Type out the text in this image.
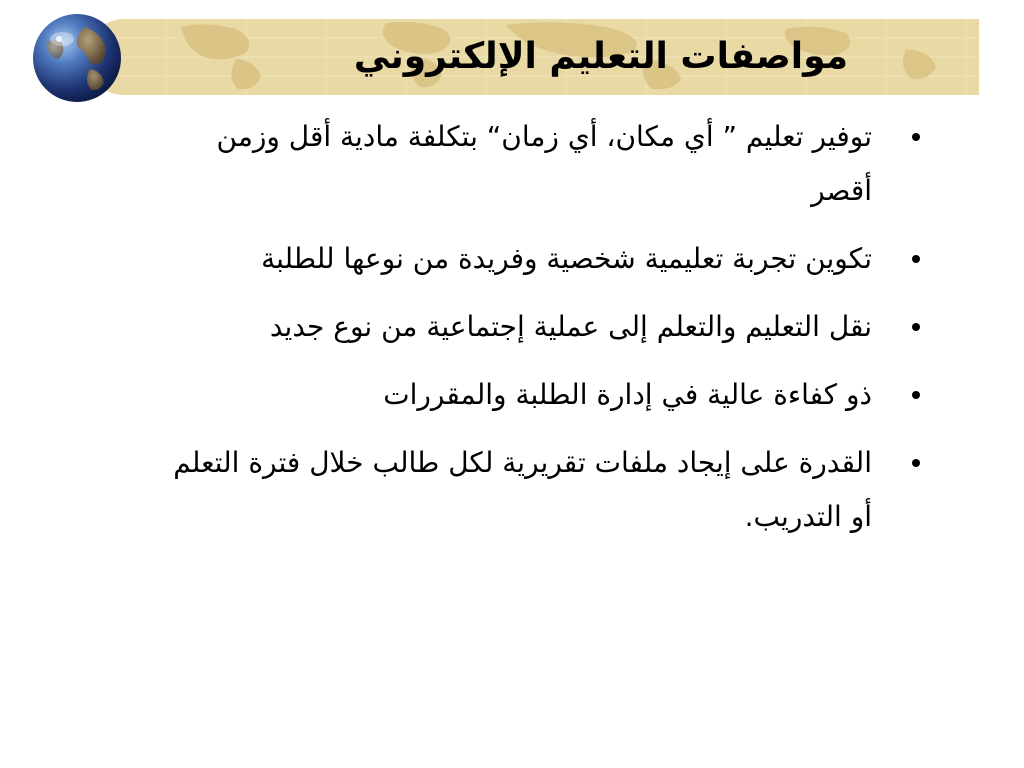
مواصفات التعليم الإلكتروني
توفير تعليم ” أي مكان، أي زمان“ بتكلفة مادية أقل وزمن أقصر
تكوين تجربة تعليمية شخصية وفريدة من نوعها للطلبة
نقل التعليم والتعلم إلى عملية إجتماعية من نوع جديد
ذو كفاءة عالية في إدارة الطلبة والمقررات
القدرة على إيجاد ملفات تقريرية لكل طالب خلال فترة التعلم أو التدريب.
